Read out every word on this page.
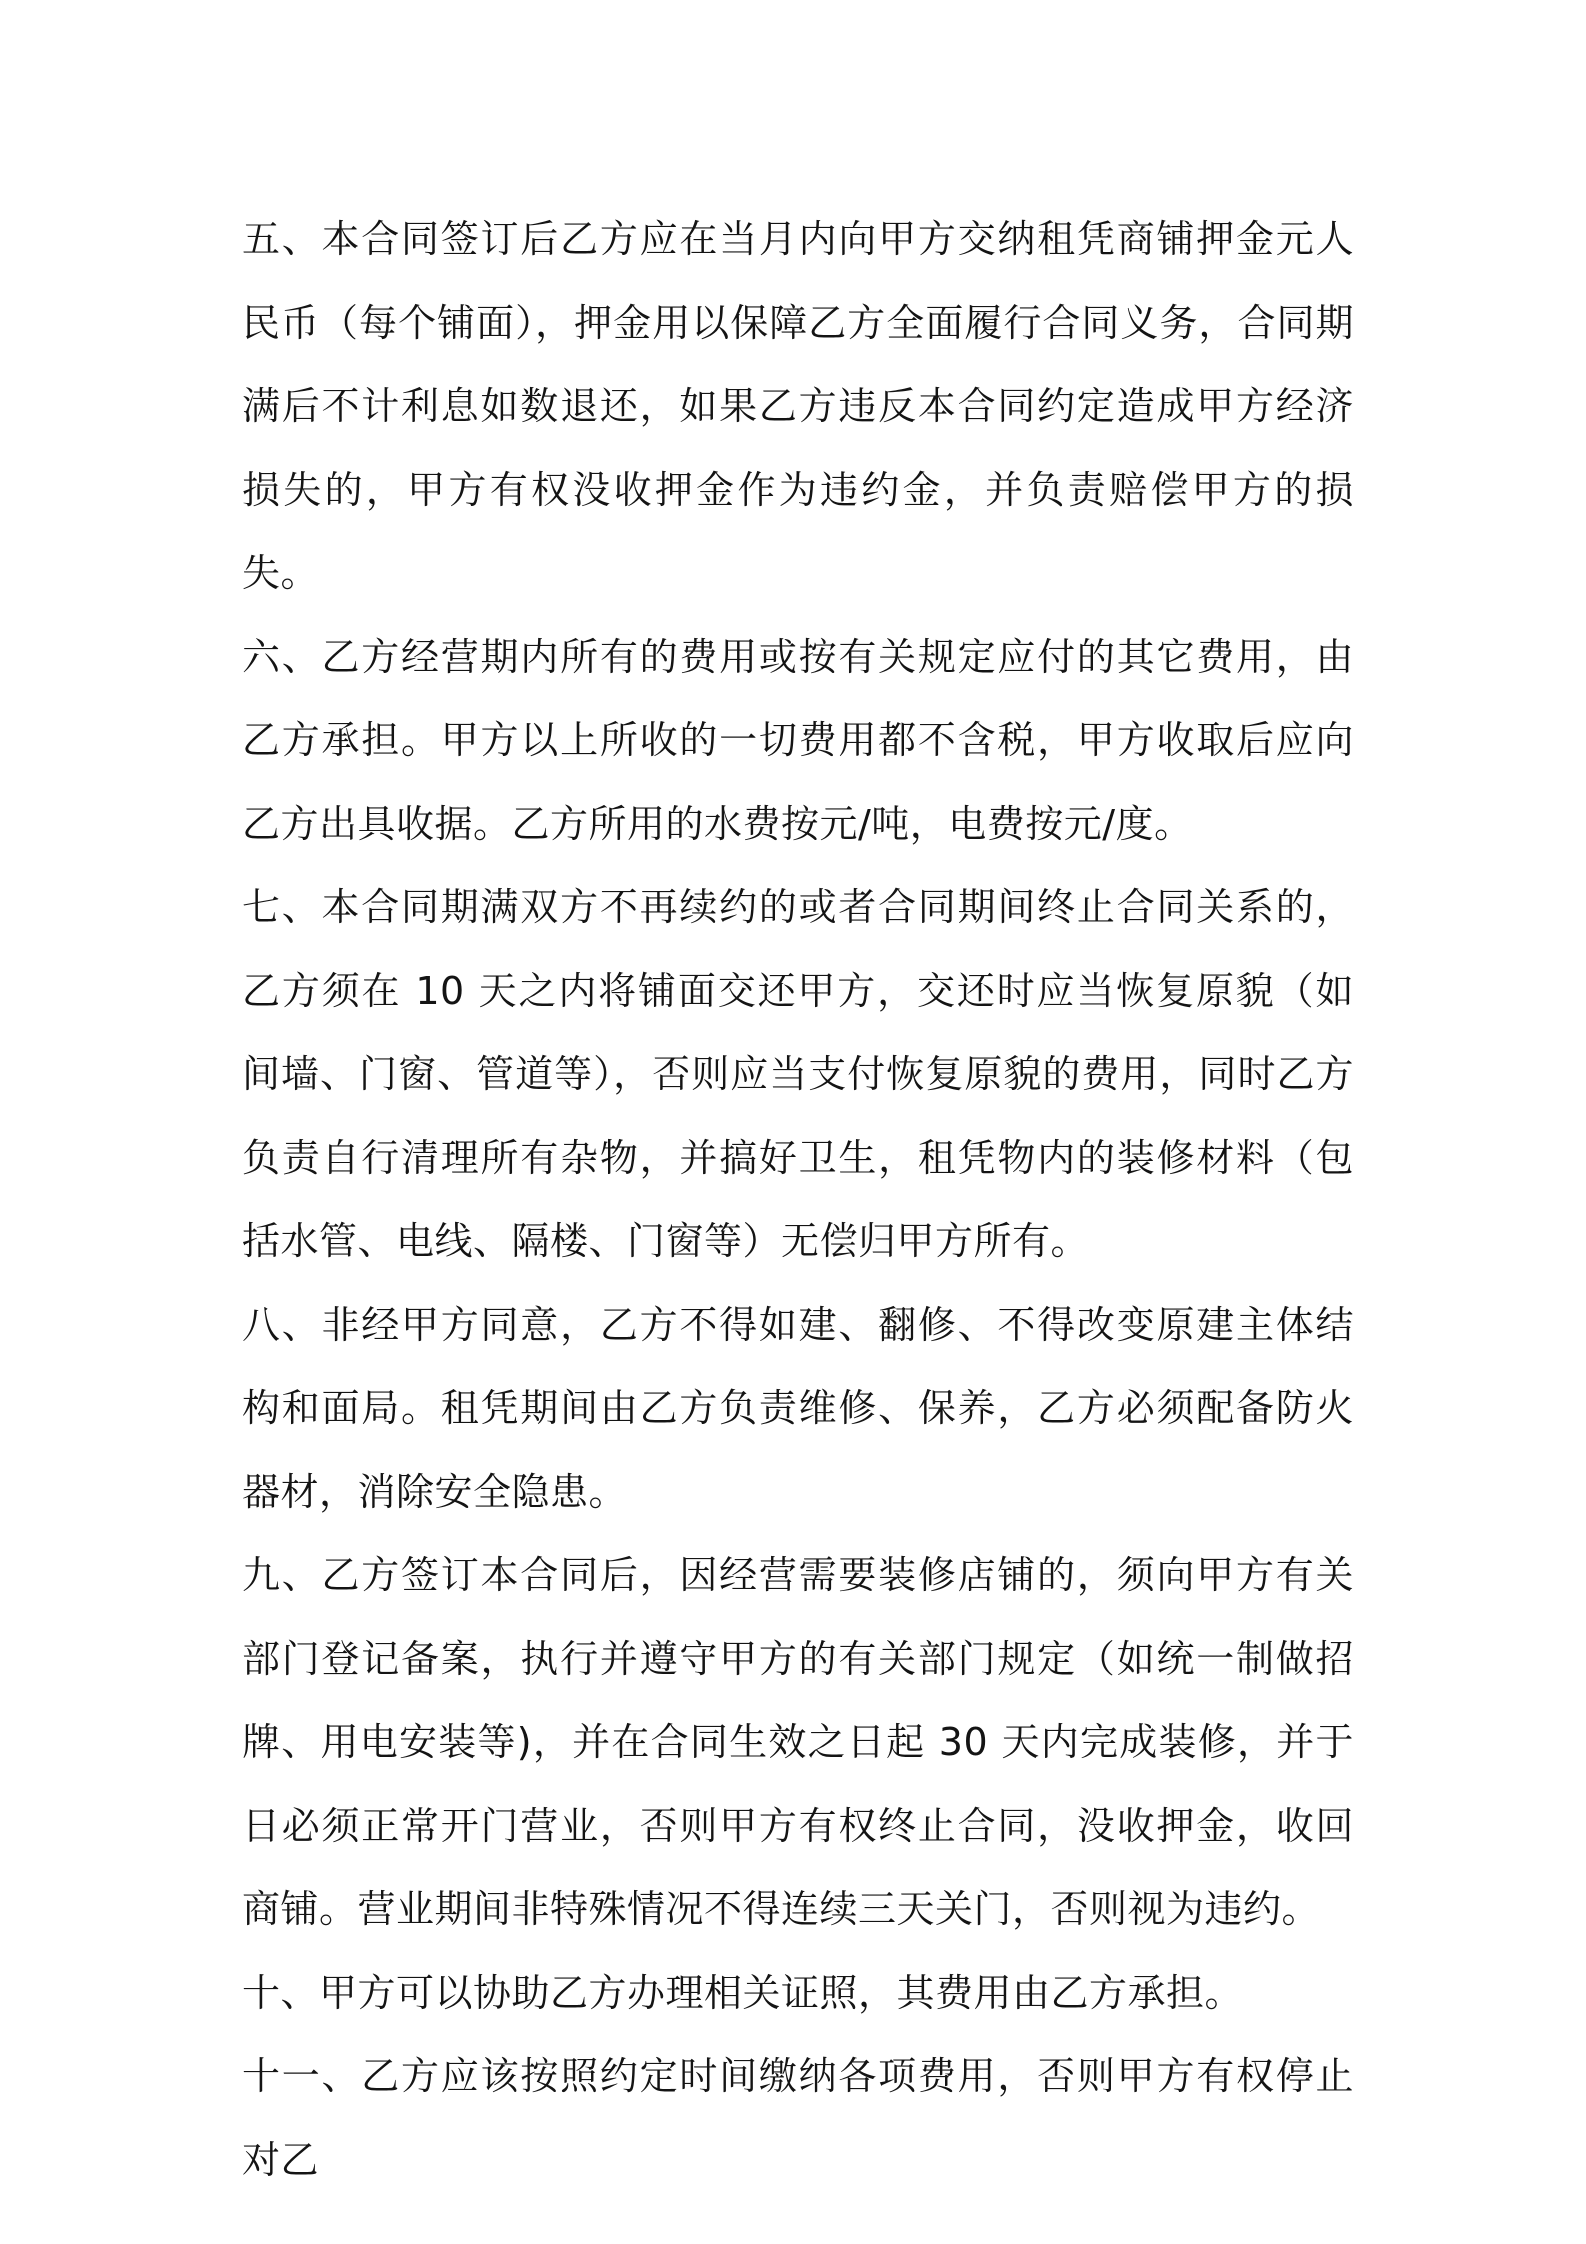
五、本合同签订后乙方应在当月内向甲方交纳租凭商铺押金元人民币（每个铺面），押金用以保障乙方全面履行合同义务，合同期满后不计利息如数退还，如果乙方违反本合同约定造成甲方经济损失的，甲方有权没收押金作为违约金，并负责赔偿甲方的损失。

六、乙方经营期内所有的费用或按有关规定应付的其它费用，由乙方承担。甲方以上所收的一切费用都不含税，甲方收取后应向乙方出具收据。乙方所用的水费按元/吨，电费按元/度。

七、本合同期满双方不再续约的或者合同期间终止合同关系的，乙方须在 10 天之内将铺面交还甲方，交还时应当恢复原貌（如间墙、门窗、管道等），否则应当支付恢复原貌的费用，同时乙方负责自行清理所有杂物，并搞好卫生，租凭物内的装修材料（包括水管、电线、隔楼、门窗等）无偿归甲方所有。

八、非经甲方同意，乙方不得如建、翻修、不得改变原建主体结构和面局。租凭期间由乙方负责维修、保养，乙方必须配备防火器材，消除安全隐患。

九、乙方签订本合同后，因经营需要装修店铺的，须向甲方有关部门登记备案，执行并遵守甲方的有关部门规定（如统一制做招牌、用电安装等)，并在合同生效之日起 30 天内完成装修，并于日必须正常开门营业，否则甲方有权终止合同，没收押金，收回商铺。营业期间非特殊情况不得连续三天关门，否则视为违约。

十、甲方可以协助乙方办理相关证照，其费用由乙方承担。

十一、乙方应该按照约定时间缴纳各项费用，否则甲方有权停止对乙
